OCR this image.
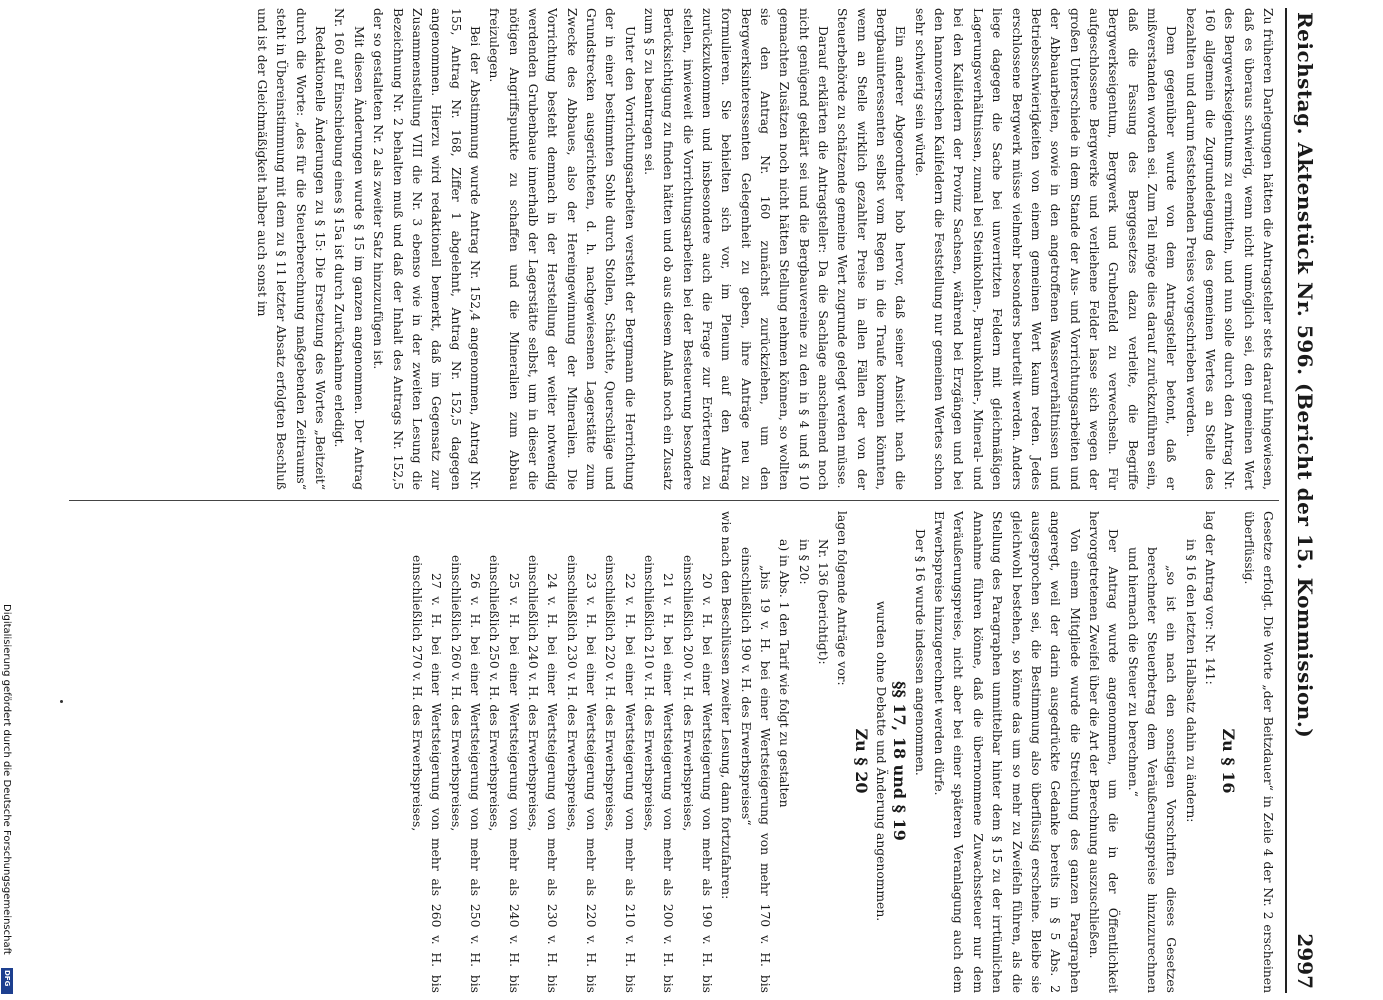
Digitalisierung gefördert durch die Deutsche Forschungsgemeinschaft
DFG
Reichstag. Aktenstück Nr. 596. (Bericht der 15. Kommission.)
2997

Zu früheren Darlegungen hätten die Antragsteller stets darauf hingewiesen, daß es überaus schwierig, wenn nicht unmöglich sei, den gemeinen Wert des Bergwerkseigentums zu ermitteln, und nun solle durch den Antrag Nr. 160 allgemein die Zugrundelegung des gemeinen Wertes an Stelle des bezahlten und darum feststehenden Preises vorgeschrieben werden.

Dem gegenüber wurde von dem Antragsteller betont, daß er mißverstanden worden sei. Zum Teil möge dies darauf zurückzuführen sein, daß die Fassung des Berggesetzes dazu verleite, die Begriffe Bergwerkseigentum, Bergwerk und Grubenfeld zu verwechseln. Für aufgeschlossene Bergwerke und verliehene Felder lasse sich wegen der großen Unterschiede in dem Stande der Aus- und Vorrichtungsarbeiten und der Abbauarbeiten, sowie in den angetroffenen Wasserverhältnissen und Betriebsschwierigkeiten von einem gemeinen Wert kaum reden. Jedes erschlossene Bergwerk müsse vielmehr besonders beurteilt werden. Anders liege dagegen die Sache bei unverritzten Feldern mit gleichmäßigen Lagerungsverhältnissen, zumal bei Steinkohlen-, Braunkohlen-, Mineral- und bei den Kalifeldern der Provinz Sachsen, während bei Erzgängen und bei den hannoverschen Kalifeldern die Feststellung nur gemeinen Wertes schon sehr schwierig sein würde.

Ein anderer Abgeordneter hob hervor, daß seiner Ansicht nach die Bergbauinteressenten selbst vom Regen in die Traufe kommen könnten, wenn an Stelle wirklich gezahlter Preise in allen Fällen der von der Steuerbehörde zu schätzende gemeine Wert zugrunde gelegt werden müsse.

Darauf erklärten die Antragsteller: Da die Sachlage anscheinend noch nicht genügend geklärt sei und die Bergbauvereine zu den in § 4 und § 10 gemachten Zusätzen noch nicht hätten Stellung nehmen können, so wollten sie den Antrag Nr. 160 zunächst zurückziehen, um den Bergwerksinteressenten Gelegenheit zu geben, ihre Anträge neu zu formulieren. Sie behielten sich vor, im Plenum auf den Antrag zurückzukommen und insbesondere auch die Frage zur Erörterung zu stellen, inwieweit die Vorrichtungsarbeiten bei der Besteuerung besondere Berücksichtigung zu finden hätten und ob aus diesem Anlaß noch ein Zusatz zum § 5 zu beantragen sei.

Unter den Vorrichtungsarbeiten versteht der Bergmann die Herrichtung der in einer bestimmten Sohle durch Stollen, Schächte, Querschläge und Grundstrecken ausgerichteten, d. h. nachgewiesenen Lagerstätte zum Zwecke des Abbaues, also der Hereingewinnung der Mineralien. Die Vorrichtung besteht demnach in der Herstellung der weiter notwendig werdenden Grubenbaue innerhalb der Lagerstätte selbst, um in dieser die nötigen Angriffspunkte zu schaffen und die Mineralien zum Abbau freizulegen.

Bei der Abstimmung wurde Antrag Nr. 152,4 angenommen, Antrag Nr. 155, Antrag Nr. 168, Ziffer 1 abgelehnt, Antrag Nr. 152,5 dagegen angenommen. Hierzu wird redaktionell bemerkt, daß im Gegensatz zur Zusammenstellung VIII die Nr. 3 ebenso wie in der zweiten Lesung die Bezeichnung Nr. 2 behalten muß und daß der Inhalt des Antrags Nr. 152,5 der so gestalteten Nr. 2 als zweiter Satz hinzuzufügen ist.

Mit diesen Änderungen wurde § 15 im ganzen angenommen. Der Antrag Nr. 160 auf Einschiebung eines § 15a ist durch Zurücknahme erledigt.

Redaktionelle Änderungen zu § 15: Die Ersetzung des Wortes „Beitzeit“ durch die Worte: „des für die Steuerberechnung maßgebenden Zeitraums“ steht in Übereinstimmung mit dem zu § 11 letzter Absatz erfolgten Beschluß und ist der Gleichmäßigkeit halber auch sonst im

Gesetze erfolgt. Die Worte „der Beitzdauer“ in Zeile 4 der Nr. 2 erscheinen überflüssig.

Zu § 16

lag der Antrag vor: Nr. 141:

in § 16 den letzten Halbsatz dahin zu ändern:

„so ist ein nach den sonstigen Vorschriften dieses Gesetzes berechneter Steuerbetrag dem Veräußerungspreise hinzuzurechnen und hiernach die Steuer zu berechnen.“

Der Antrag wurde angenommen, um die in der Öffentlichkeit hervorgetretenen Zweifel über die Art der Berechnung auszuschließen.

Von einem Mitgliede wurde die Streichung des ganzen Paragraphen angeregt, weil der darin ausgedrückte Gedanke bereits in § 5 Abs. 2 ausgesprochen sei, die Bestimmung also überflüssig erscheine. Bleibe sie gleichwohl bestehen, so könne das um so mehr zu Zweifeln führen, als die Stellung des Paragraphen unmittelbar hinter dem § 15 zu der irrtümlichen Annahme führen könne, daß die übernommene Zuwachssteuer nur dem Veräußerungspreise, nicht aber bei einer späteren Veranlagung auch dem Erwerbspreise hinzugerechnet werden dürfe.

Der § 16 wurde indessen angenommen.

§§ 17, 18 und § 19

wurden ohne Debatte und Änderung angenommen.

Zu § 20

lagen folgende Anträge vor:

Nr. 136 (berichtigt):

in § 20:

a) in Abs. 1 den Tarif wie folgt zu gestalten

„bis 19 v. H. bei einer Wertsteigerung von mehr 170 v. H. bis einschließlich 190 v. H. des Erwerbspreises“

wie nach den Beschlüssen zweiter Lesung, dann fortzufahren:

20 v. H. bei einer Wertsteigerung von mehr als 190 v. H. bis einschließlich 200 v. H. des Erwerbspreises,

21 v. H. bei einer Wertsteigerung von mehr als 200 v. H. bis einschließlich 210 v. H. des Erwerbspreises,

22 v. H. bei einer Wertsteigerung von mehr als 210 v. H. bis einschließlich 220 v. H. des Erwerbspreises,

23 v. H. bei einer Wertsteigerung von mehr als 220 v. H. bis einschließlich 230 v. H. des Erwerbspreises,

24 v. H. bei einer Wertsteigerung von mehr als 230 v. H. bis einschließlich 240 v. H. des Erwerbspreises,

25 v. H. bei einer Wertsteigerung von mehr als 240 v. H. bis einschließlich 250 v. H. des Erwerbspreises,

26 v. H. bei einer Wertsteigerung von mehr als 250 v. H. bis einschließlich 260 v. H. des Erwerbspreises,

27 v. H. bei einer Wertsteigerung von mehr als 260 v. H. bis einschließlich 270 v. H. des Erwerbspreises,
